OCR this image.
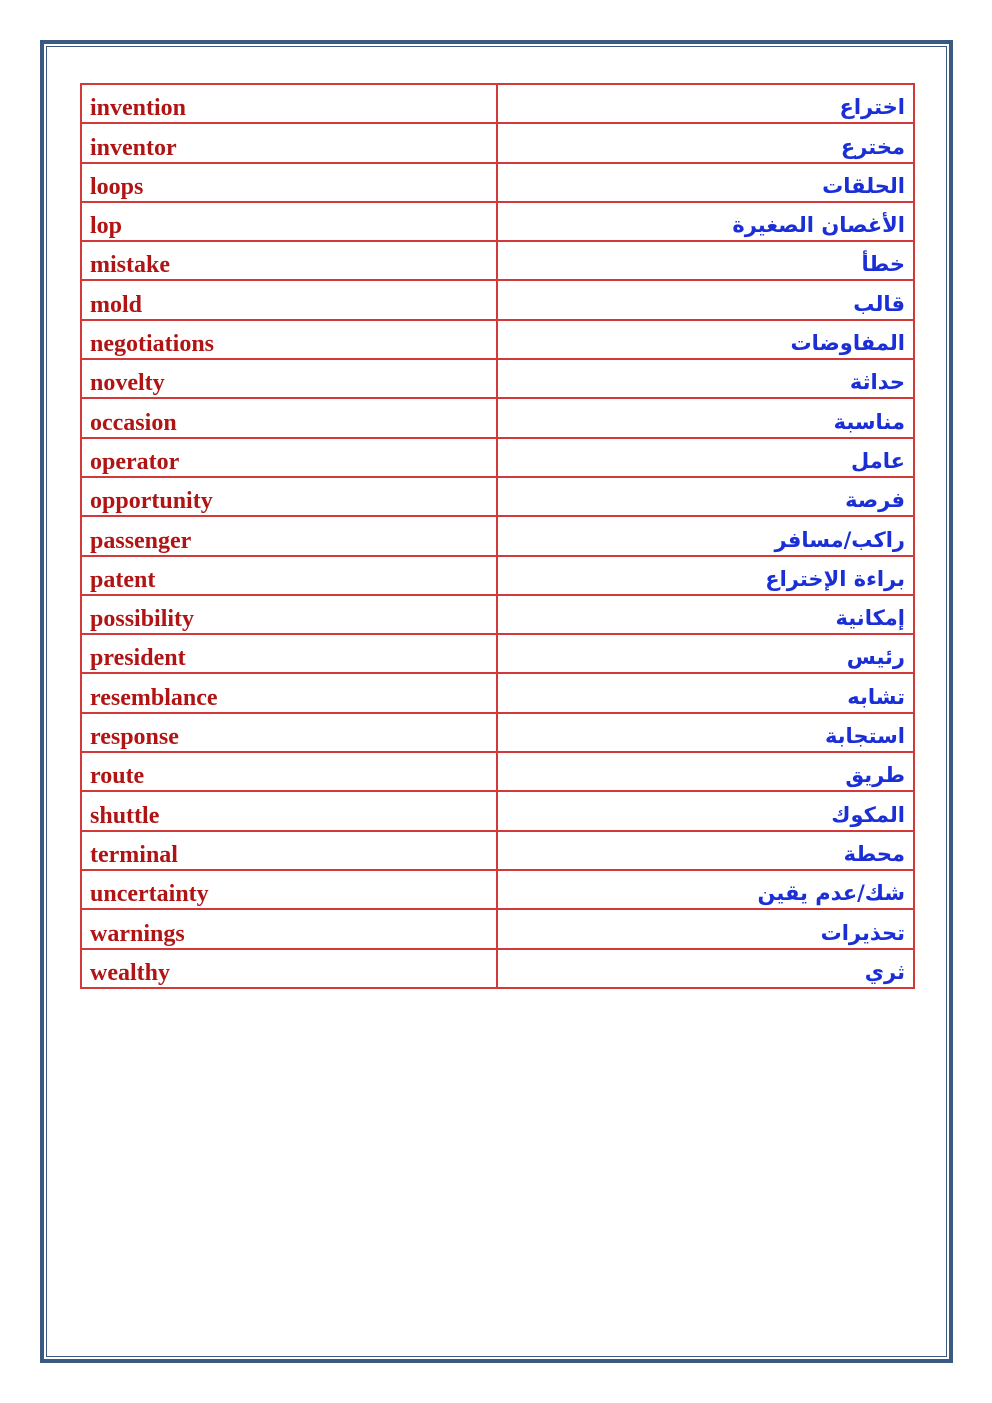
invention	اختراع
inventor	مخترع
loops	الحلقات
lop	الأغصان الصغيرة
mistake	خطأ
mold	قالب
negotiations	المفاوضات
novelty	حداثة
occasion	مناسبة
operator	عامل
opportunity	فرصة
passenger	راكب/مسافر
patent	براءة الإختراع
possibility	إمكانية
president	رئيس
resemblance	تشابه
response	استجابة
route	طريق
shuttle	المكوك
terminal	محطة
uncertainty	شك/عدم يقين
warnings	تحذيرات
wealthy	ثري
